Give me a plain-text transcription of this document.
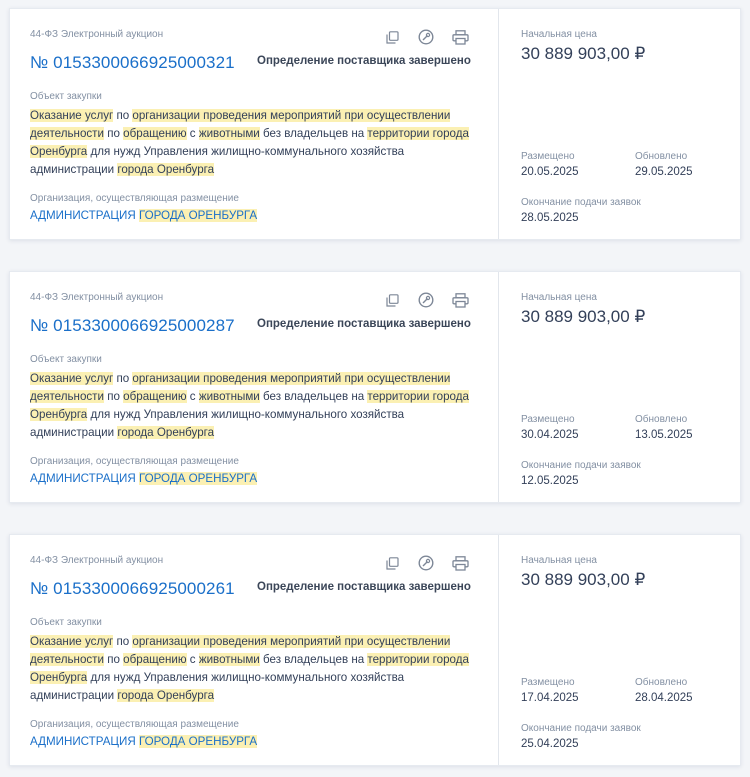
44-ФЗ Электронный аукцион
№ 0153300066925000321 Определение поставщика завершено
Объект закупки
Оказание услуг по организации проведения мероприятий при осуществлении деятельности по обращению с животными без владельцев на территории города Оренбурга для нужд Управления жилищно-коммунального хозяйства администрации города Оренбурга
Организация, осуществляющая размещение
АДМИНИСТРАЦИЯ ГОРОДА ОРЕНБУРГА
Начальная цена
30 889 903,00 ₽
Размещено
20.05.2025
Обновлено
29.05.2025
Окончание подачи заявок
28.05.2025
44-ФЗ Электронный аукцион
№ 0153300066925000287 Определение поставщика завершено
Объект закупки
Оказание услуг по организации проведения мероприятий при осуществлении деятельности по обращению с животными без владельцев на территории города Оренбурга для нужд Управления жилищно-коммунального хозяйства администрации города Оренбурга
Организация, осуществляющая размещение
АДМИНИСТРАЦИЯ ГОРОДА ОРЕНБУРГА
Начальная цена
30 889 903,00 ₽
Размещено
30.04.2025
Обновлено
13.05.2025
Окончание подачи заявок
12.05.2025
44-ФЗ Электронный аукцион
№ 0153300066925000261 Определение поставщика завершено
Объект закупки
Оказание услуг по организации проведения мероприятий при осуществлении деятельности по обращению с животными без владельцев на территории города Оренбурга для нужд Управления жилищно-коммунального хозяйства администрации города Оренбурга
Организация, осуществляющая размещение
АДМИНИСТРАЦИЯ ГОРОДА ОРЕНБУРГА
Начальная цена
30 889 903,00 ₽
Размещено
17.04.2025
Обновлено
28.04.2025
Окончание подачи заявок
25.04.2025
